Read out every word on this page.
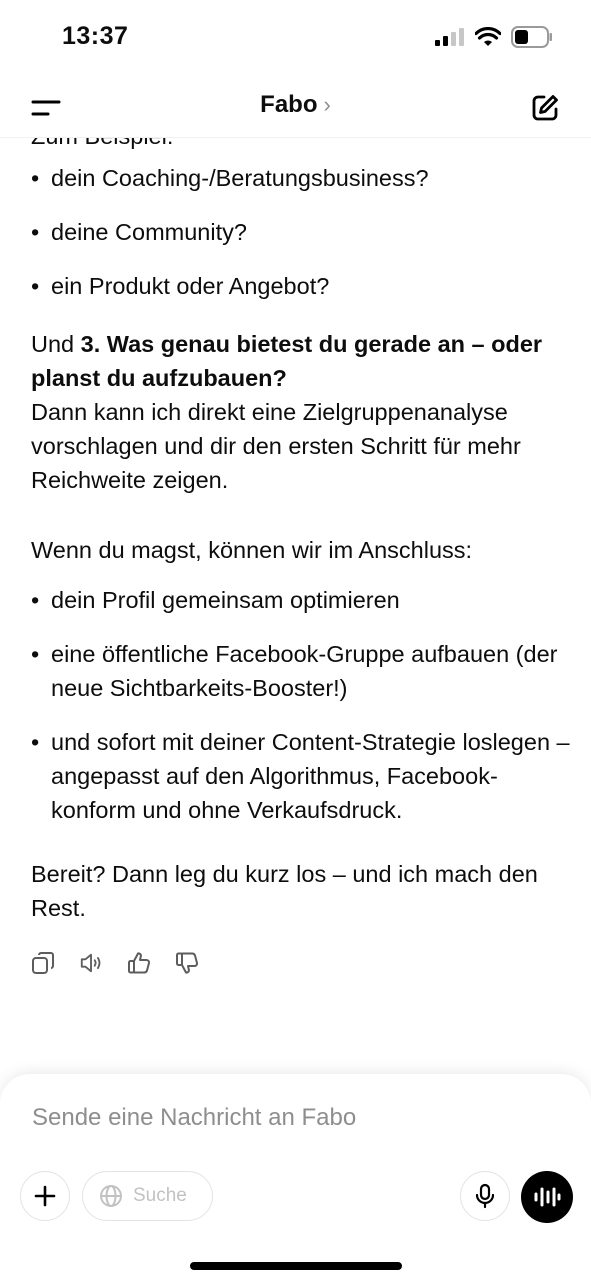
13:37
Fabo ›
• dein Coaching-/Beratungsbusiness?
• deine Community?
• ein Produkt oder Angebot?
Und 3. Was genau bietest du gerade an – oder planst du aufzubauen?
Dann kann ich direkt eine Zielgruppenanalyse vorschlagen und dir den ersten Schritt für mehr Reichweite zeigen.
Wenn du magst, können wir im Anschluss:
• dein Profil gemeinsam optimieren
• eine öffentliche Facebook-Gruppe aufbauen (der neue Sichtbarkeits-Booster!)
• und sofort mit deiner Content-Strategie loslegen – angepasst auf den Algorithmus, Facebook-konform und ohne Verkaufsdruck.
Bereit? Dann leg du kurz los – und ich mach den Rest.
Sende eine Nachricht an Fabo
Suche
